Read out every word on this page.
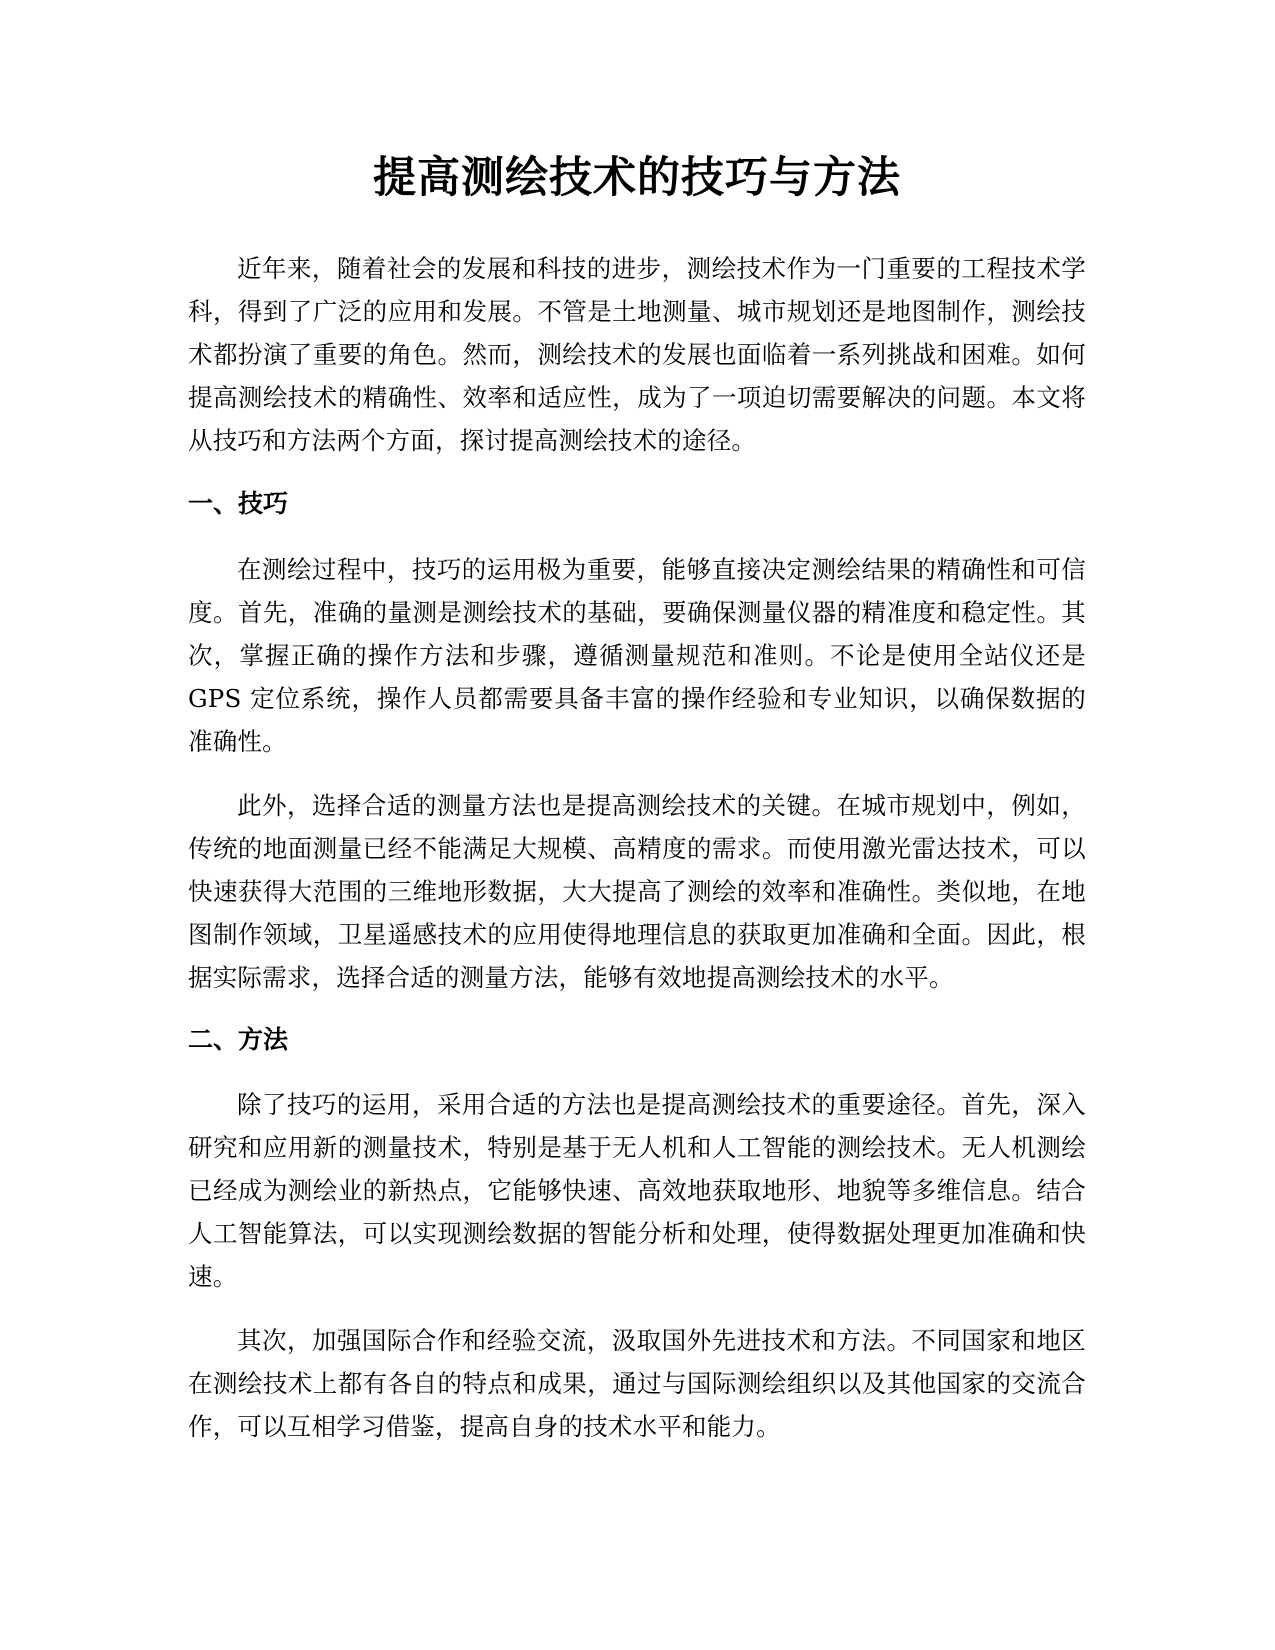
提高测绘技术的技巧与方法

近年来，随着社会的发展和科技的进步，测绘技术作为一门重要的工程技术学科，得到了广泛的应用和发展。不管是土地测量、城市规划还是地图制作，测绘技术都扮演了重要的角色。然而，测绘技术的发展也面临着一系列挑战和困难。如何提高测绘技术的精确性、效率和适应性，成为了一项迫切需要解决的问题。本文将从技巧和方法两个方面，探讨提高测绘技术的途径。

一、技巧

在测绘过程中，技巧的运用极为重要，能够直接决定测绘结果的精确性和可信度。首先，准确的量测是测绘技术的基础，要确保测量仪器的精准度和稳定性。其次，掌握正确的操作方法和步骤，遵循测量规范和准则。不论是使用全站仪还是GPS 定位系统，操作人员都需要具备丰富的操作经验和专业知识，以确保数据的准确性。

此外，选择合适的测量方法也是提高测绘技术的关键。在城市规划中，例如，传统的地面测量已经不能满足大规模、高精度的需求。而使用激光雷达技术，可以快速获得大范围的三维地形数据，大大提高了测绘的效率和准确性。类似地，在地图制作领域，卫星遥感技术的应用使得地理信息的获取更加准确和全面。因此，根据实际需求，选择合适的测量方法，能够有效地提高测绘技术的水平。

二、方法

除了技巧的运用，采用合适的方法也是提高测绘技术的重要途径。首先，深入研究和应用新的测量技术，特别是基于无人机和人工智能的测绘技术。无人机测绘已经成为测绘业的新热点，它能够快速、高效地获取地形、地貌等多维信息。结合人工智能算法，可以实现测绘数据的智能分析和处理，使得数据处理更加准确和快速。

其次，加强国际合作和经验交流，汲取国外先进技术和方法。不同国家和地区在测绘技术上都有各自的特点和成果，通过与国际测绘组织以及其他国家的交流合作，可以互相学习借鉴，提高自身的技术水平和能力。
